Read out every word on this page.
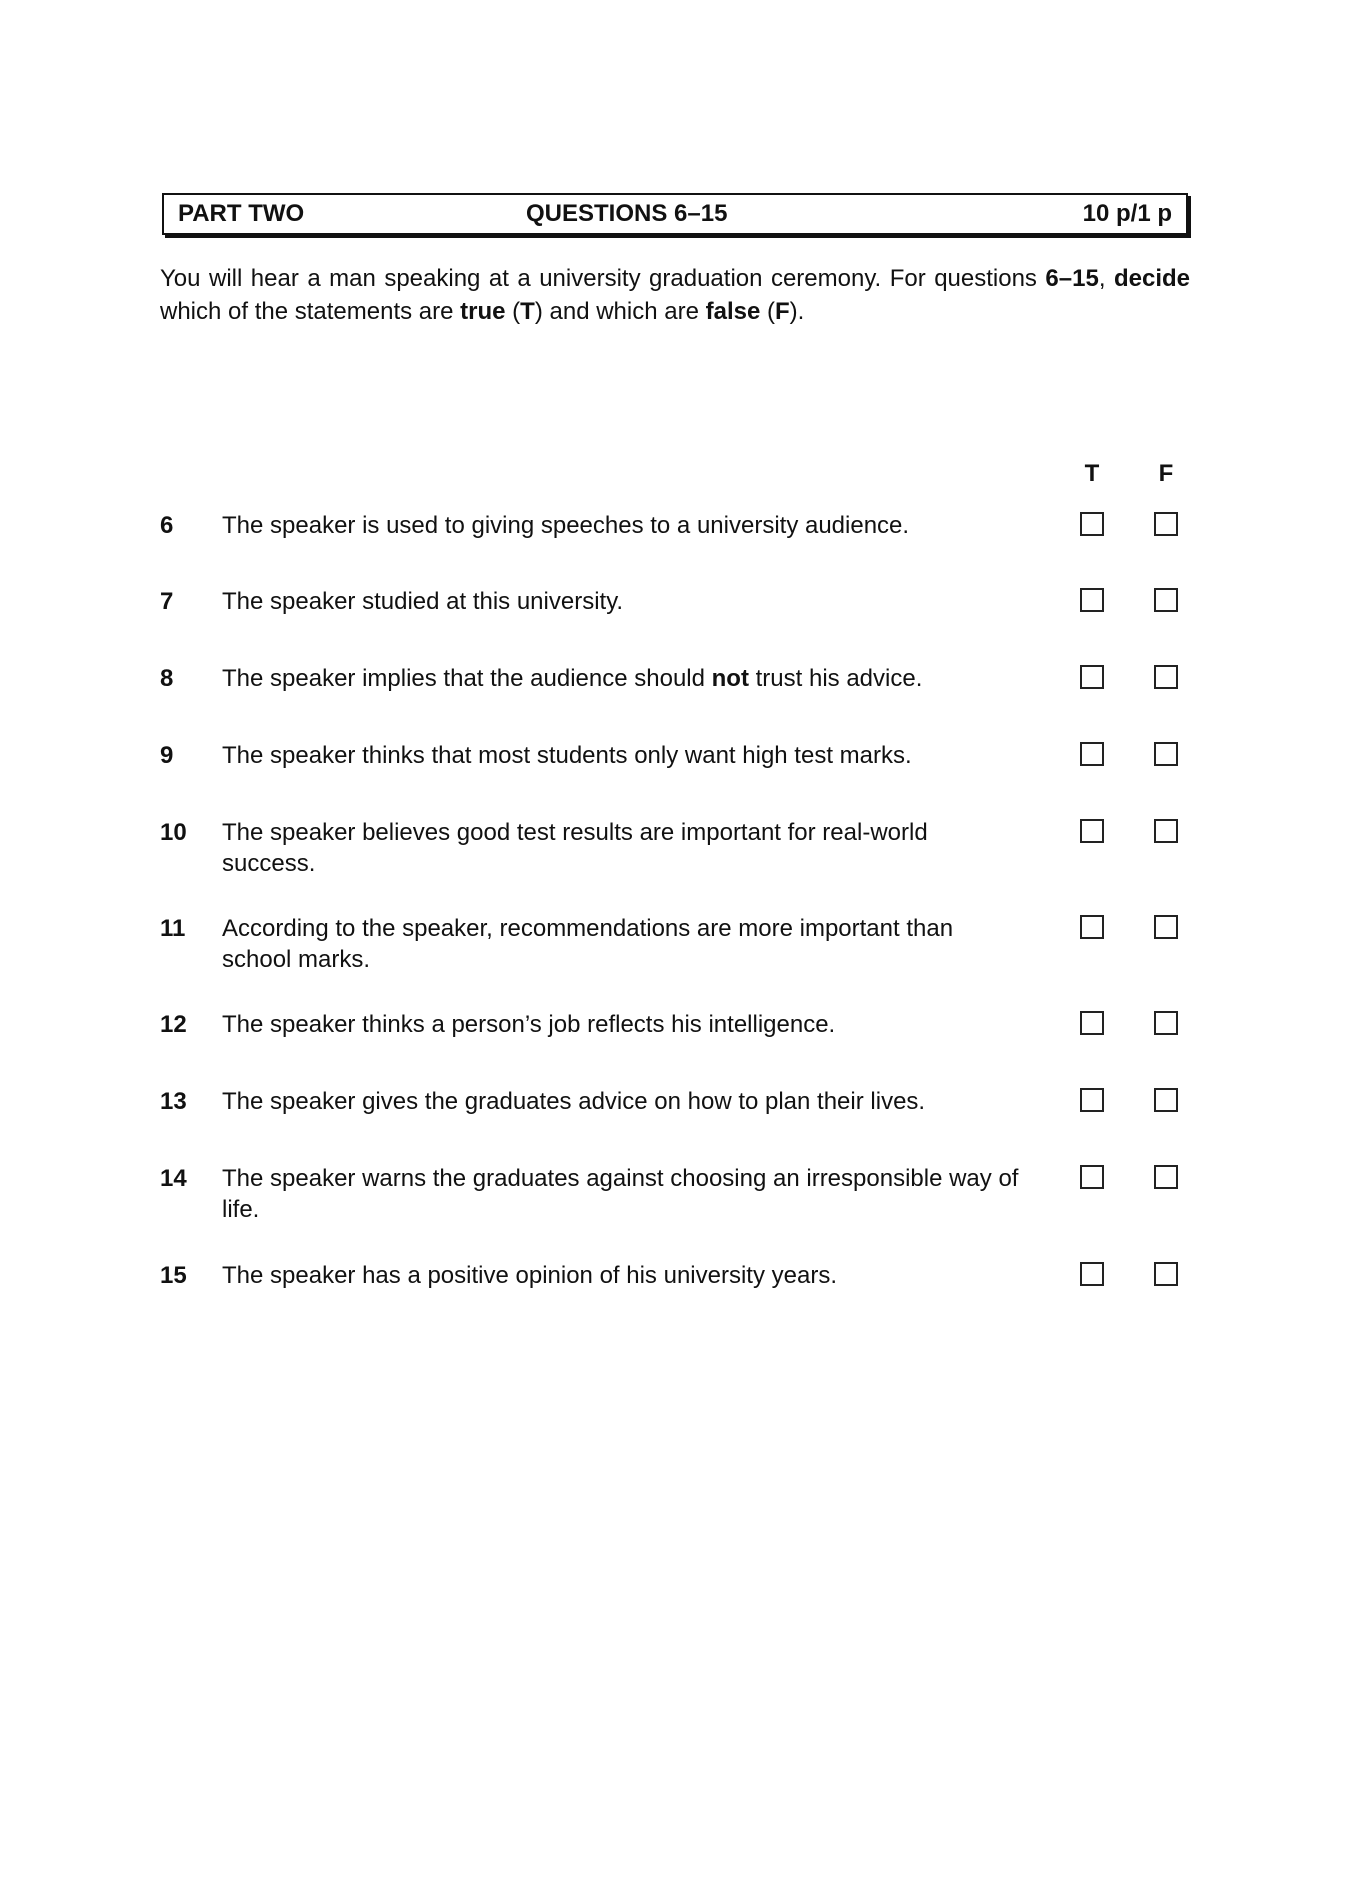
PART TWO	QUESTIONS 6–15	10 p/1 p

You will hear a man speaking at a university graduation ceremony. For questions 6–15, decide which of the statements are true (T) and which are false (F).

T	F
6 The speaker is used to giving speeches to a university audience.

7 The speaker studied at this university.

8 The speaker implies that the audience should not trust his advice.

9 The speaker thinks that most students only want high test marks.

10 The speaker believes good test results are important for real-world success.

11 According to the speaker, recommendations are more important than school marks.

12 The speaker thinks a person’s job reflects his intelligence.

13 The speaker gives the graduates advice on how to plan their lives.

14 The speaker warns the graduates against choosing an irresponsible way of life.

15 The speaker has a positive opinion of his university years.
